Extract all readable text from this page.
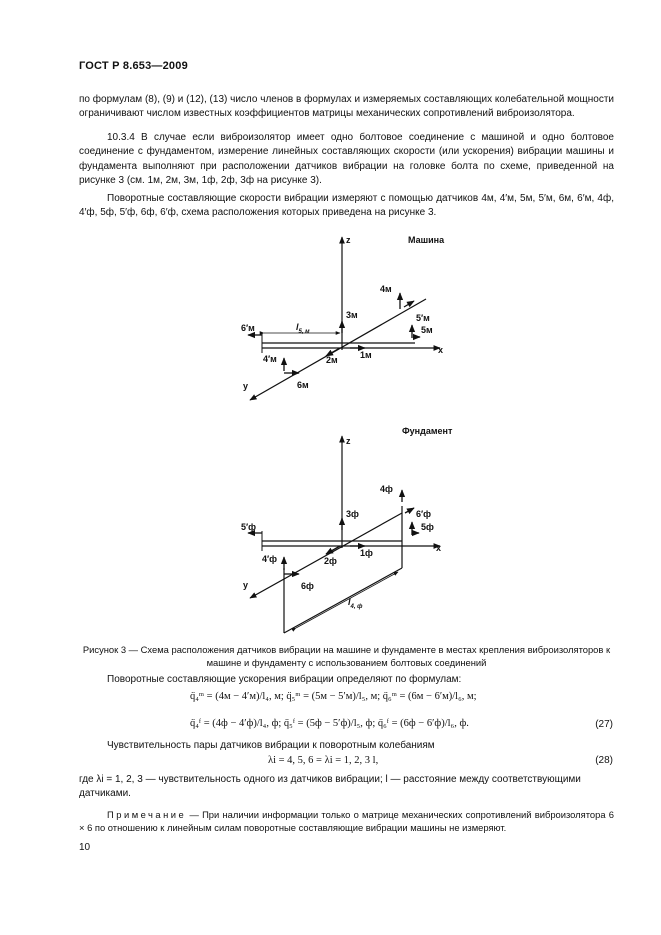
ГОСТ Р 8.653—2009
по формулам (8), (9) и (12), (13) число членов в формулах и измеряемых составляющих колебательной мощности ограничивают числом известных коэффициентов матрицы механических сопротивлений виброизолятора.
10.3.4 В случае если виброизолятор имеет одно болтовое соединение с машиной и одно болтовое соединение с фундаментом, измерение линейных составляющих скорости (или ускорения) вибрации машины и фундамента выполняют при расположении датчиков вибрации на головке болта по схеме, приведенной на рисунке 3 (см. 1м, 2м, 3м, 1ф, 2ф, 3ф на рисунке 3).
Поворотные составляющие скорости вибрации измеряют с помощью датчиков 4м, 4′м, 5м, 5′м, 6м, 6′м, 4ф, 4′ф, 5ф, 5′ф, 6ф, 6′ф, схема расположения которых приведена на рисунке 3.
Машина
z
x
y
$l_{5, м}$
6′м
3м
1м
2м
4′м
6м
4м
5′м
5м
Фундамент
z
x
y
$l_{4, ф}$
5′ф
3ф
1ф
2ф
4′ф
6ф
4ф
6′ф
5ф
Рисунок 3 — Схема расположения датчиков вибрации на машине и фундаменте в местах крепления виброизоляторов к машине и фундаменту с использованием болтовых соединений
Поворотные составляющие ускорения вибрации определяют по формулам:
q̈₄ᵐ = (4м − 4′м)/l₄, м; q̈₅ᵐ = (5м − 5′м)/l₅, м; q̈₆ᵐ = (6м − 6′м)/l₆, м;
q̈₄ᶠ = (4ф − 4′ф)/l₄, ф; q̈₅ᶠ = (5ф − 5′ф)/l₅, ф; q̈₆ᶠ = (6ф − 6′ф)/l₆, ф.	(27)
Чувствительность пары датчиков вибрации к поворотным колебаниям
λi = 4, 5, 6 = λi = 1, 2, 3 l,	(28)
где λi = 1, 2, 3 — чувствительность одного из датчиков вибрации; l — расстояние между соответствующими датчиками.
Примечание — При наличии информации только о матрице механических сопротивлений виброизолятора 6 × 6 по отношению к линейным силам поворотные составляющие вибрации машины не измеряют.
10
